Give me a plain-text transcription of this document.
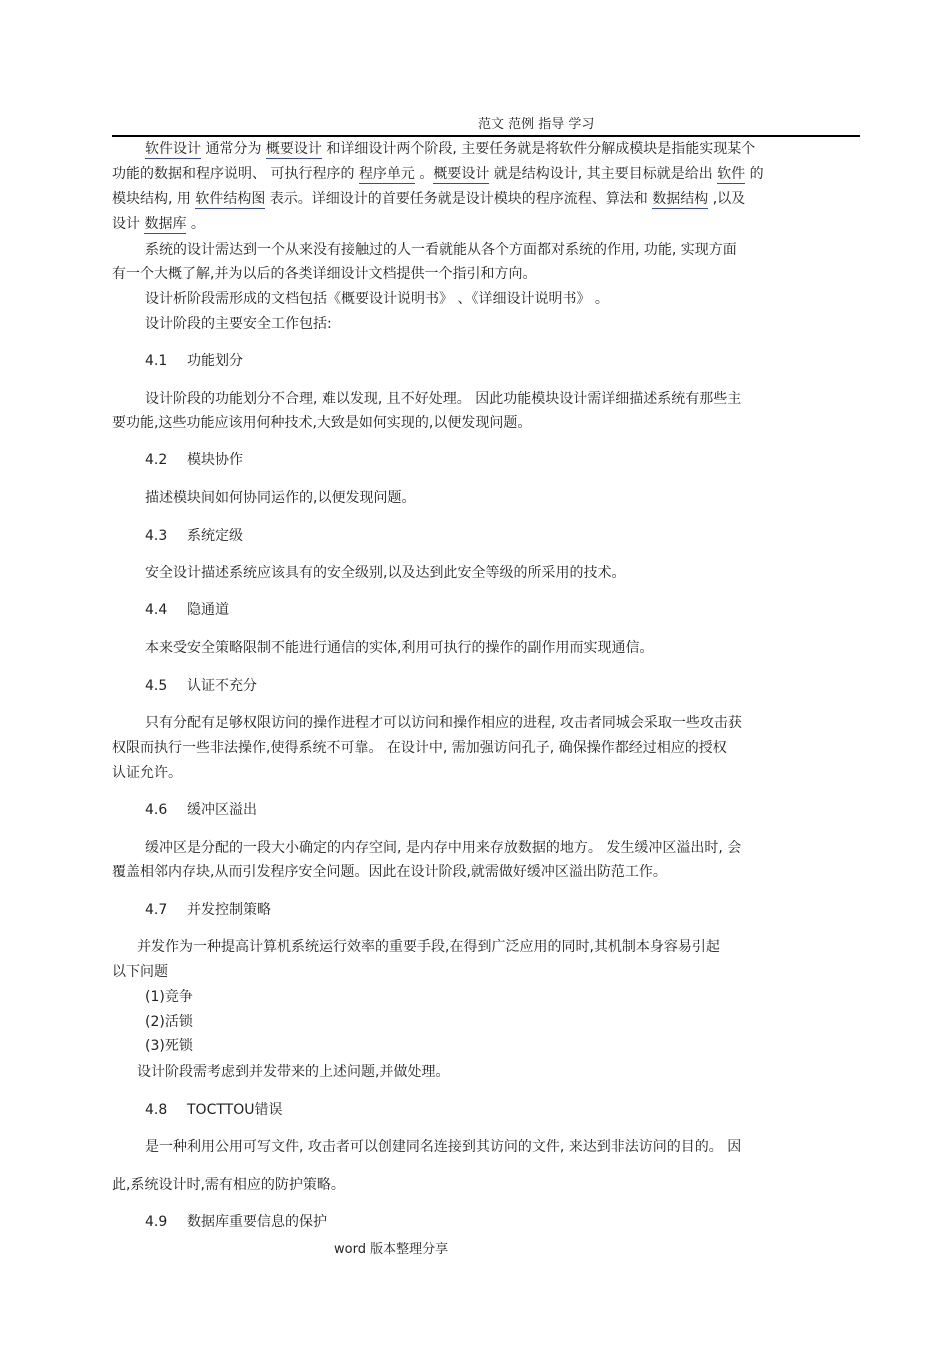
范文 范例 指导 学习
软件设计 通常分为 概要设计 和详细设计两个阶段, 主要任务就是将软件分解成模块是指能实现某个
功能的数据和程序说明、 可执行程序的 程序单元 。概要设计 就是结构设计, 其主要目标就是给出 软件 的
模块结构, 用 软件结构图 表示。详细设计的首要任务就是设计模块的程序流程、算法和 数据结构 ,以及
设计 数据库 。
系统的设计需达到一个从来没有接触过的人一看就能从各个方面都对系统的作用, 功能, 实现方面
有一个大概了解,并为以后的各类详细设计文档提供一个指引和方向。
设计析阶段需形成的文档包括《概要设计说明书》 、《详细设计说明书》 。
设计阶段的主要安全工作包括:
4.1 功能划分
设计阶段的功能划分不合理, 难以发现, 且不好处理。 因此功能模块设计需详细描述系统有那些主
要功能,这些功能应该用何种技术,大致是如何实现的,以便发现问题。
4.2 模块协作
描述模块间如何协同运作的,以便发现问题。
4.3 系统定级
安全设计描述系统应该具有的安全级别,以及达到此安全等级的所采用的技术。
4.4 隐通道
本来受安全策略限制不能进行通信的实体,利用可执行的操作的副作用而实现通信。
4.5 认证不充分
只有分配有足够权限访问的操作进程才可以访问和操作相应的进程, 攻击者同城会采取一些攻击获
权限而执行一些非法操作,使得系统不可靠。 在设计中, 需加强访问孔子, 确保操作都经过相应的授权
认证允许。
4.6 缓冲区溢出
缓冲区是分配的一段大小确定的内存空间, 是内存中用来存放数据的地方。 发生缓冲区溢出时, 会
覆盖相邻内存块,从而引发程序安全问题。因此在设计阶段,就需做好缓冲区溢出防范工作。
4.7 并发控制策略
并发作为一种提高计算机系统运行效率的重要手段,在得到广泛应用的同时,其机制本身容易引起
以下问题
(1)竞争
(2)活锁
(3)死锁
设计阶段需考虑到并发带来的上述问题,并做处理。
4.8 TOCTTOU错误
是一种利用公用可写文件, 攻击者可以创建同名连接到其访问的文件, 来达到非法访问的目的。 因
此,系统设计时,需有相应的防护策略。
4.9 数据库重要信息的保护
word 版本整理分享
